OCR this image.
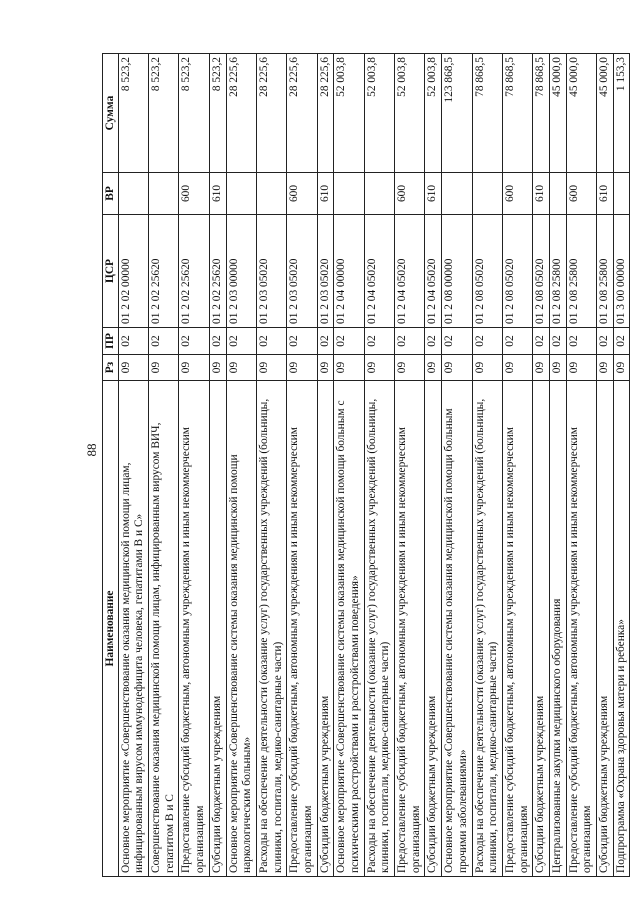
88
Наименование	Рз	ПР	ЦСР	ВР	Сумма
Основное мероприятие «Совершенствование оказания медицинской помощи лицам, инфицированным вирусом иммунодефицита человека, гепатитами В и С»	09	02	01 2 02 00000		8 523,2
Совершенствование оказания медицинской помощи лицам, инфицированным вирусом ВИЧ, гепатитом В и С	09	02	01 2 02 25620		8 523,2
Предоставление субсидий бюджетным, автономным учреждениям и иным некоммерческим организациям	09	02	01 2 02 25620	600	8 523,2
Субсидии бюджетным учреждениям	09	02	01 2 02 25620	610	8 523,2
Основное мероприятие «Совершенствование системы оказания медицинской помощи наркологическим больным»	09	02	01 2 03 00000		28 225,6
Расходы на обеспечение деятельности (оказание услуг) государственных учреждений (больницы, клиники, госпитали, медико-санитарные части)	09	02	01 2 03 05020		28 225,6
Предоставление субсидий бюджетным, автономным учреждениям и иным некоммерческим организациям	09	02	01 2 03 05020	600	28 225,6
Субсидии бюджетным учреждениям	09	02	01 2 03 05020	610	28 225,6
Основное мероприятие «Совершенствование системы оказания медицинской помощи больным с психическими расстройствами и расстройствами поведения»	09	02	01 2 04 00000		52 003,8
Расходы на обеспечение деятельности (оказание услуг) государственных учреждений (больницы, клиники, госпитали, медико-санитарные части)	09	02	01 2 04 05020		52 003,8
Предоставление субсидий бюджетным, автономным учреждениям и иным некоммерческим организациям	09	02	01 2 04 05020	600	52 003,8
Субсидии бюджетным учреждениям	09	02	01 2 04 05020	610	52 003,8
Основное мероприятие «Совершенствование системы оказания медицинской помощи больным прочими заболеваниями»	09	02	01 2 08 00000		123 868,5
Расходы на обеспечение деятельности (оказание услуг) государственных учреждений (больницы, клиники, госпитали, медико-санитарные части)	09	02	01 2 08 05020		78 868,5
Предоставление субсидий бюджетным, автономным учреждениям и иным некоммерческим организациям	09	02	01 2 08 05020	600	78 868,5
Субсидии бюджетным учреждениям	09	02	01 2 08 05020	610	78 868,5
Централизованные закупки медицинского оборудования	09	02	01 2 08 25800		45 000,0
Предоставление субсидий бюджетным, автономным учреждениям и иным некоммерческим организациям	09	02	01 2 08 25800	600	45 000,0
Субсидии бюджетным учреждениям	09	02	01 2 08 25800	610	45 000,0
Подпрограмма «Охрана здоровья матери и ребенка»	09	02	01 3 00 00000		1 153,3
